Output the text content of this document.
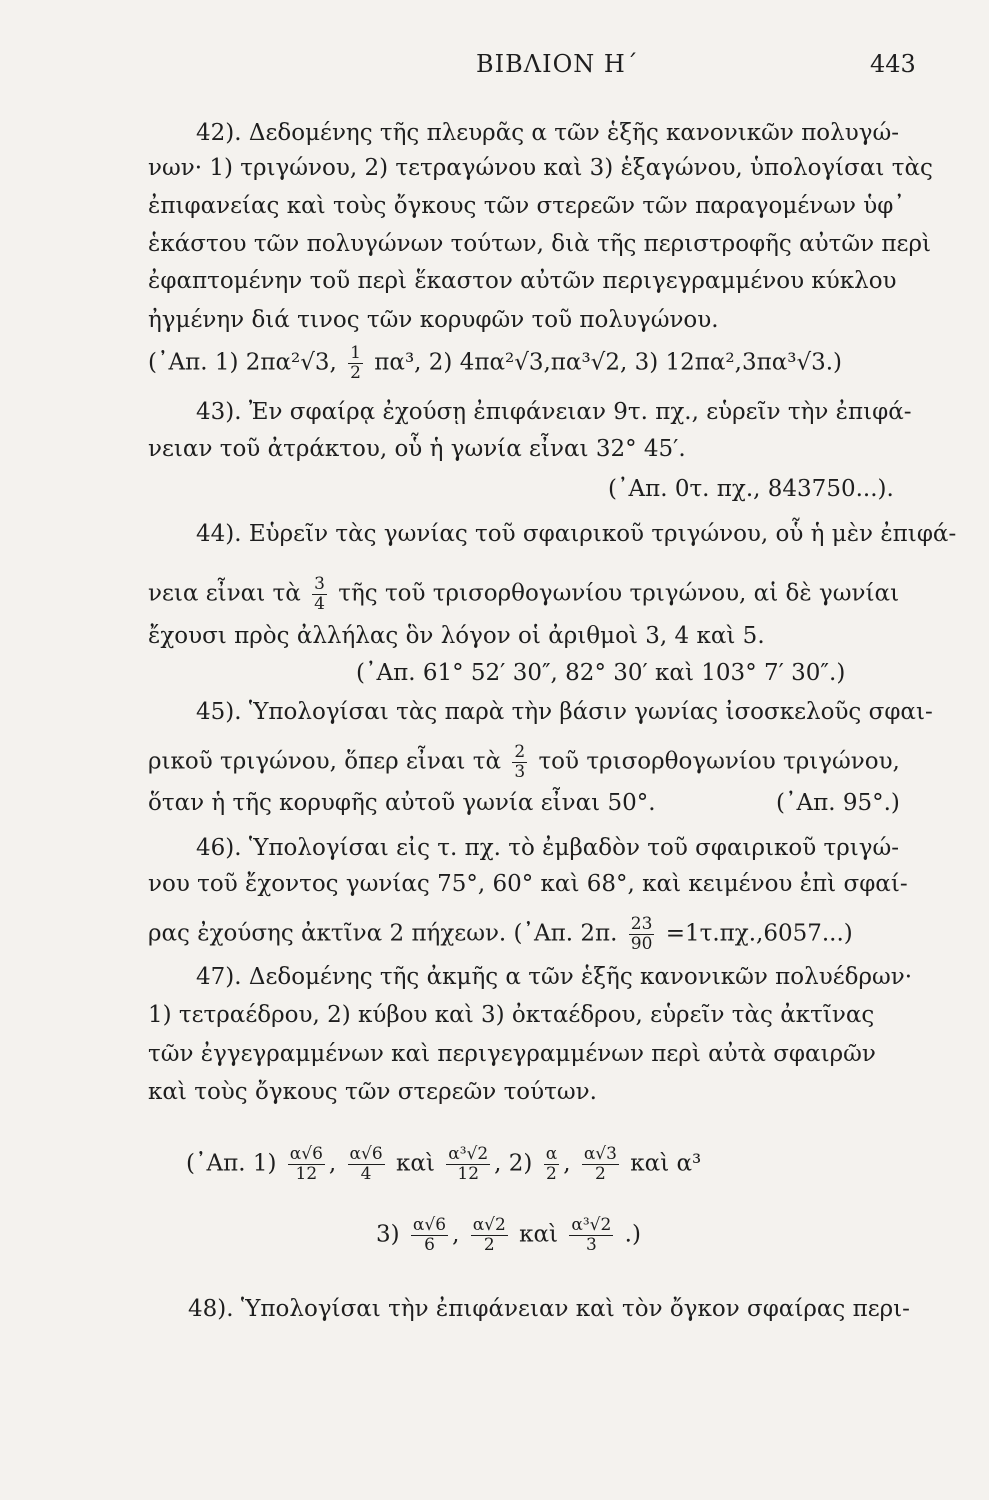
ΒΙΒΛΙΟΝ Η΄	443
42). Δεδομένης τῆς πλευρᾶς α τῶν ἑξῆς κανονικῶν πολυγώ-
νων· 1) τριγώνου, 2) τετραγώνου καὶ 3) ἑξαγώνου, ὑπολογίσαι τὰς
ἐπιφανείας καὶ τοὺς ὄγκους τῶν στερεῶν τῶν παραγομένων ὑφ᾽
ἑκάστου τῶν πολυγώνων τούτων, διὰ τῆς περιστροφῆς αὐτῶν περὶ
ἐφαπτομένην τοῦ περὶ ἕκαστον αὐτῶν περιγεγραμμένου κύκλου
ἠγμένην διά τινος τῶν κορυφῶν τοῦ πολυγώνου.
(᾿Απ. 1) 2πα²√3, $\frac{1}{2} \pi\alpha^3$, 2) 4πα²√3,πα³√2, 3) 12πα²,3πα³√3.)
43). Ἐν σφαίρᾳ ἐχούσῃ ἐπιφάνειαν 9τ. πχ., εὑρεῖν τὴν ἐπιφά-
νειαν τοῦ ἀτράκτου, οὗ ἡ γωνία εἶναι 32° 45′.
(᾿Απ. 0τ. πχ., 843750...).
44). Εὑρεῖν τὰς γωνίας τοῦ σφαιρικοῦ τριγώνου, οὗ ἡ μὲν ἐπιφά-
νεια εἶναι τὰ $\frac{3}{4}$ τῆς τοῦ τρισορθογωνίου τριγώνου, αἱ δὲ γωνίαι
ἔχουσι πρὸς ἀλλήλας ὃν λόγον οἱ ἀριθμοὶ 3, 4 καὶ 5.
(᾿Απ. 61° 52′ 30″, 82° 30′ καὶ 103° 7′ 30″.)
45). Ὑπολογίσαι τὰς παρὰ τὴν βάσιν γωνίας ἰσοσκελοῦς σφαι-
ρικοῦ τριγώνου, ὅπερ εἶναι τὰ $\frac{2}{3}$ τοῦ τρισορθογωνίου τριγώνου,
ὅταν ἡ τῆς κορυφῆς αὐτοῦ γωνία εἶναι 50°.	(᾿Απ. 95°.)
46). Ὑπολογίσαι εἰς τ. πχ. τὸ ἐμβαδὸν τοῦ σφαιρικοῦ τριγώ-
νου τοῦ ἔχοντος γωνίας 75°, 60° καὶ 68°, καὶ κειμένου ἐπὶ σφαί-
ρας ἐχούσης ἀκτῖνα 2 πήχεων. (᾿Απ. 2π. $\frac{23}{90} =1\tau.\pi\chi.,6057$...)
47). Δεδομένης τῆς ἀκμῆς α τῶν ἑξῆς κανονικῶν πολυέδρων·
1) τετραέδρου, 2) κύβου καὶ 3) ὀκταέδρου, εὑρεῖν τὰς ἀκτῖνας
τῶν ἐγγεγραμμένων καὶ περιγεγραμμένων περὶ αὐτὰ σφαιρῶν
καὶ τοὺς ὄγκους τῶν στερεῶν τούτων.
(᾿Απ. $1) \frac{\alpha√6}{12}$ , $\frac{\alpha√6}{4}$ καὶ $\frac{\text{α³√2}}{12}$ , $2) \frac{\alpha}{2}$ , $\frac{\alpha√3}{2}$ καὶ α³
$3) \frac{\alpha√6}{6}$ , $\frac{\alpha√2}{2}$ καὶ $\frac{\text{α³√2}}{3}$ .)
48). Ὑπολογίσαι τὴν ἐπιφάνειαν καὶ τὸν ὄγκον σφαίρας περι-
